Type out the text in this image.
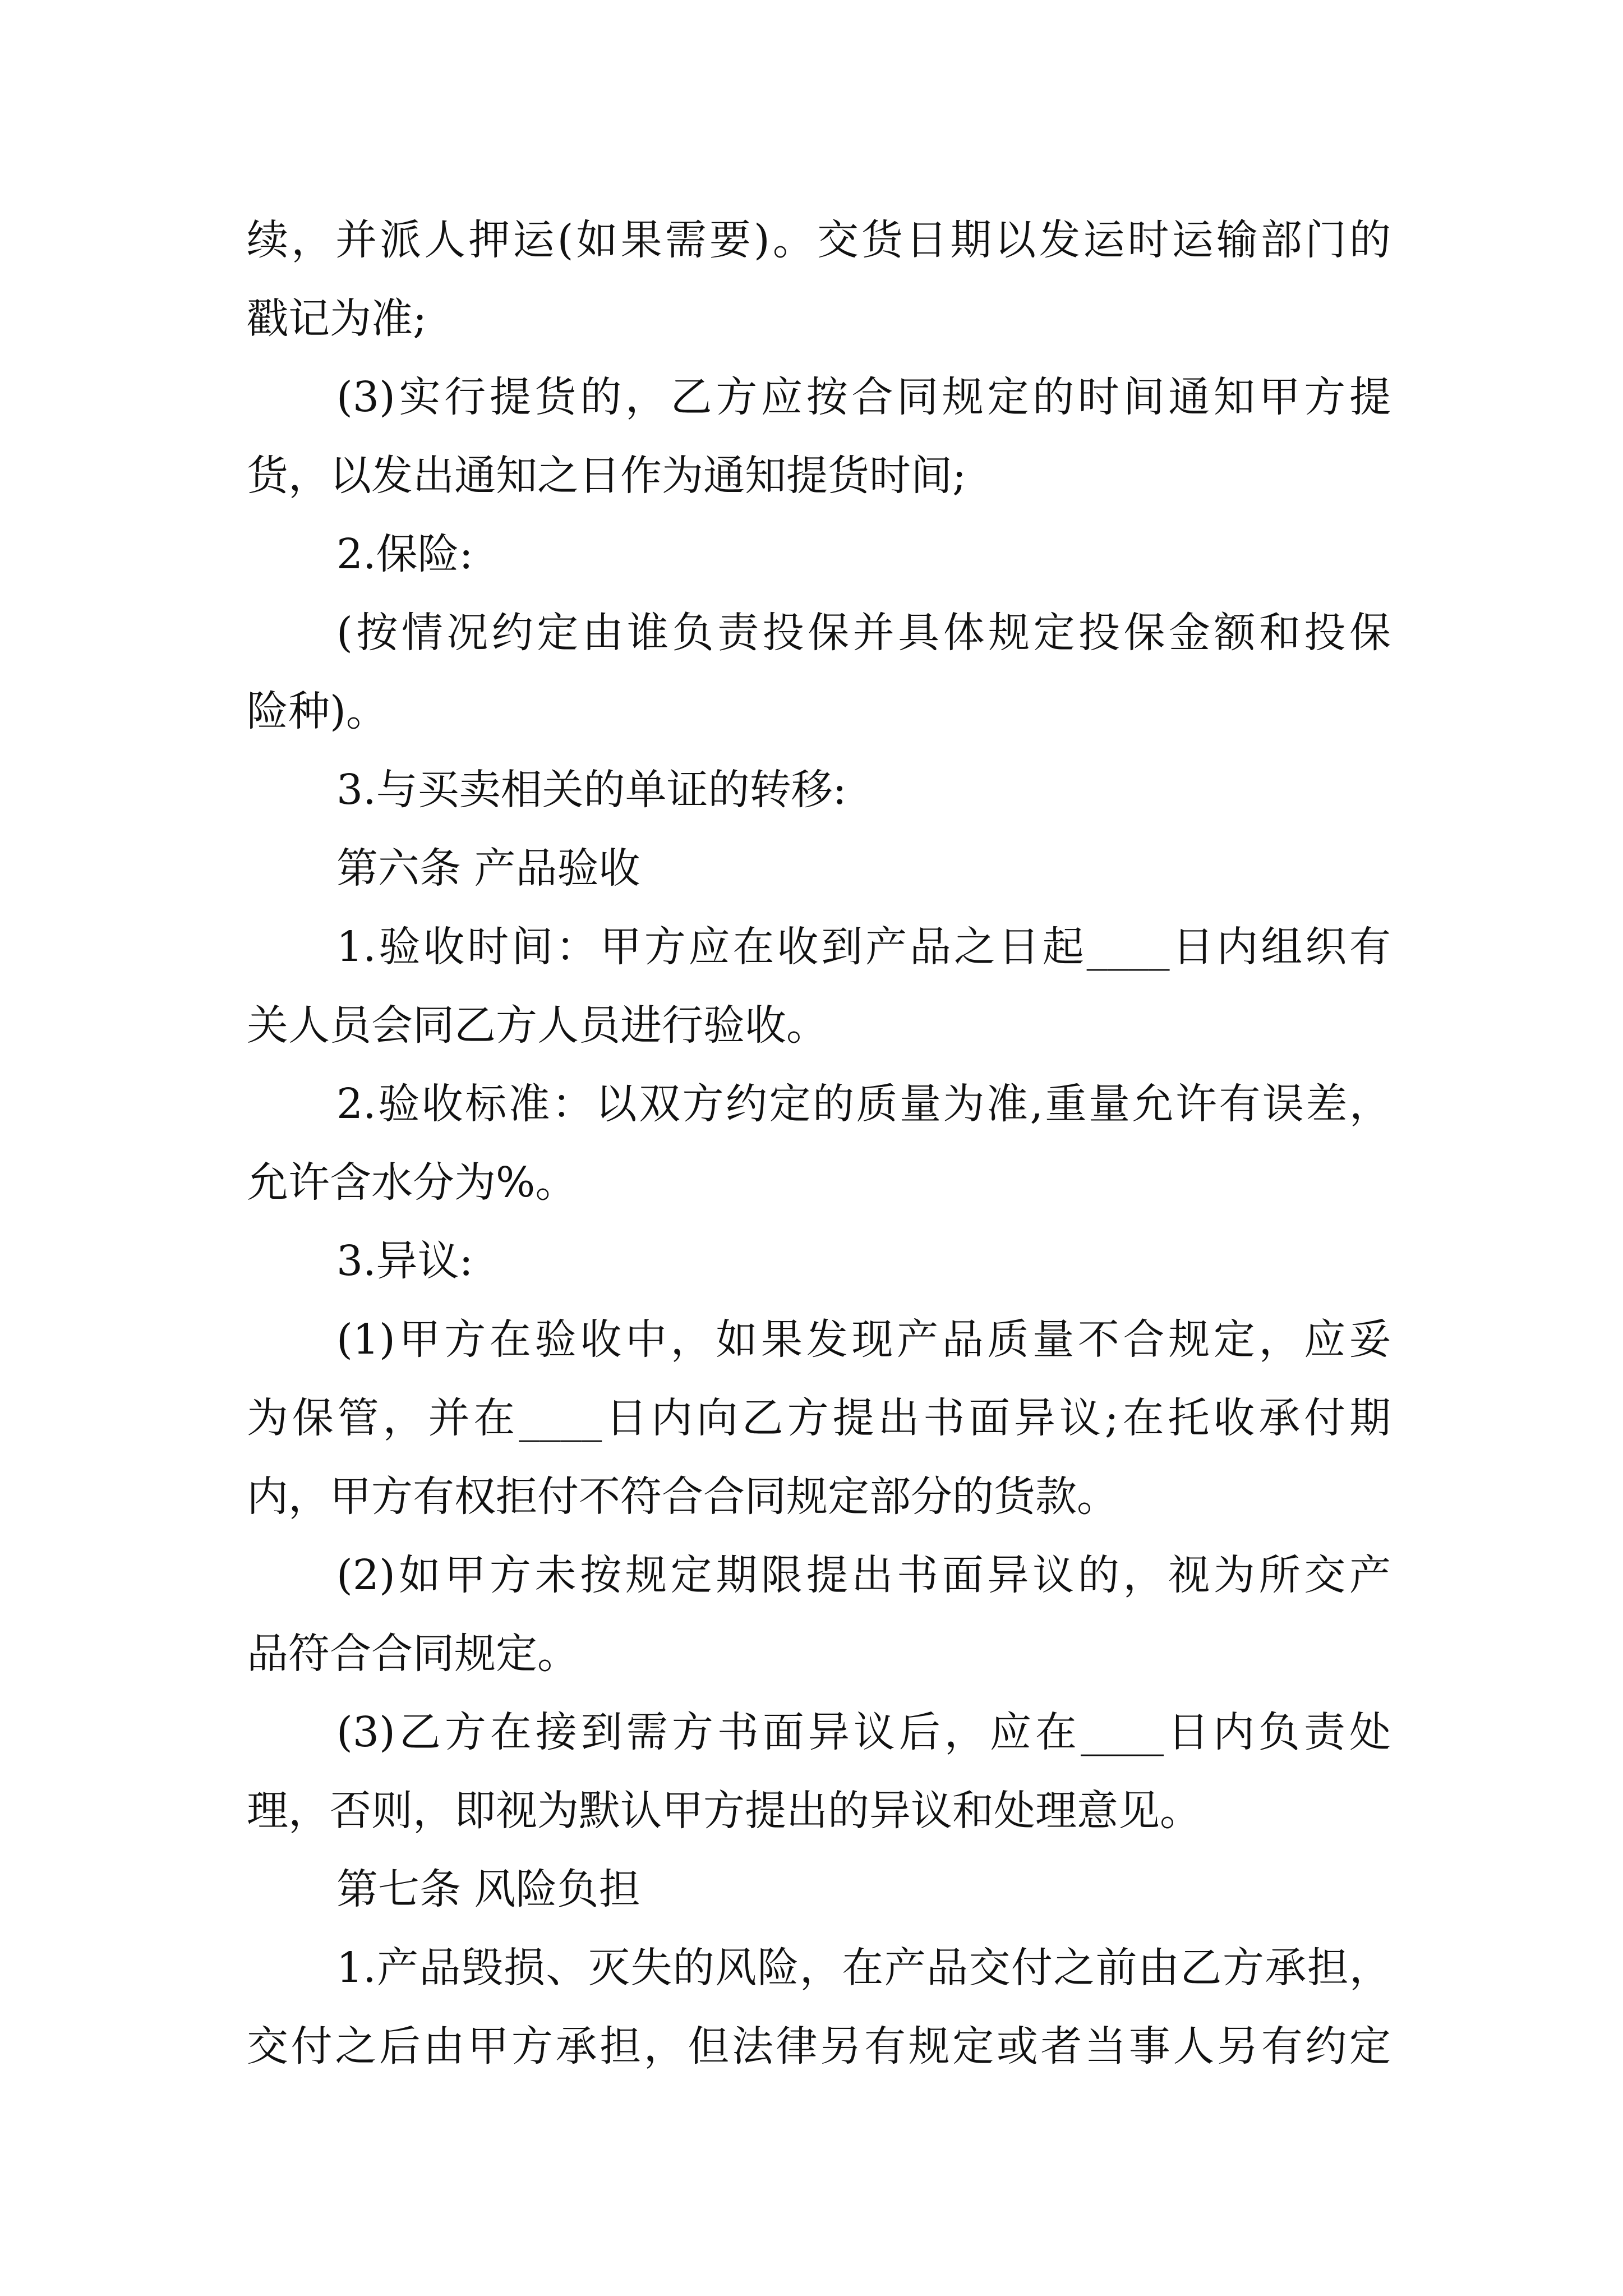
续，并派人押运(如果需要)。交货日期以发运时运输部门的
戳记为准;
(3)实行提货的，乙方应按合同规定的时间通知甲方提
货，以发出通知之日作为通知提货时间;
2.保险:
(按情况约定由谁负责投保并具体规定投保金额和投保
险种)。
3.与买卖相关的单证的转移:
第六条 产品验收
1.验收时间：甲方应在收到产品之日起____日内组织有
关人员会同乙方人员进行验收。
2.验收标准：以双方约定的质量为准,重量允许有误差，
允许含水分为%。
3.异议:
(1)甲方在验收中，如果发现产品质量不合规定，应妥
为保管，并在____日内向乙方提出书面异议;在托收承付期
内，甲方有权拒付不符合合同规定部分的货款。
(2)如甲方未按规定期限提出书面异议的，视为所交产
品符合合同规定。
(3)乙方在接到需方书面异议后，应在____日内负责处
理，否则，即视为默认甲方提出的异议和处理意见。
第七条 风险负担
1.产品毁损、灭失的风险，在产品交付之前由乙方承担，
交付之后由甲方承担，但法律另有规定或者当事人另有约定
